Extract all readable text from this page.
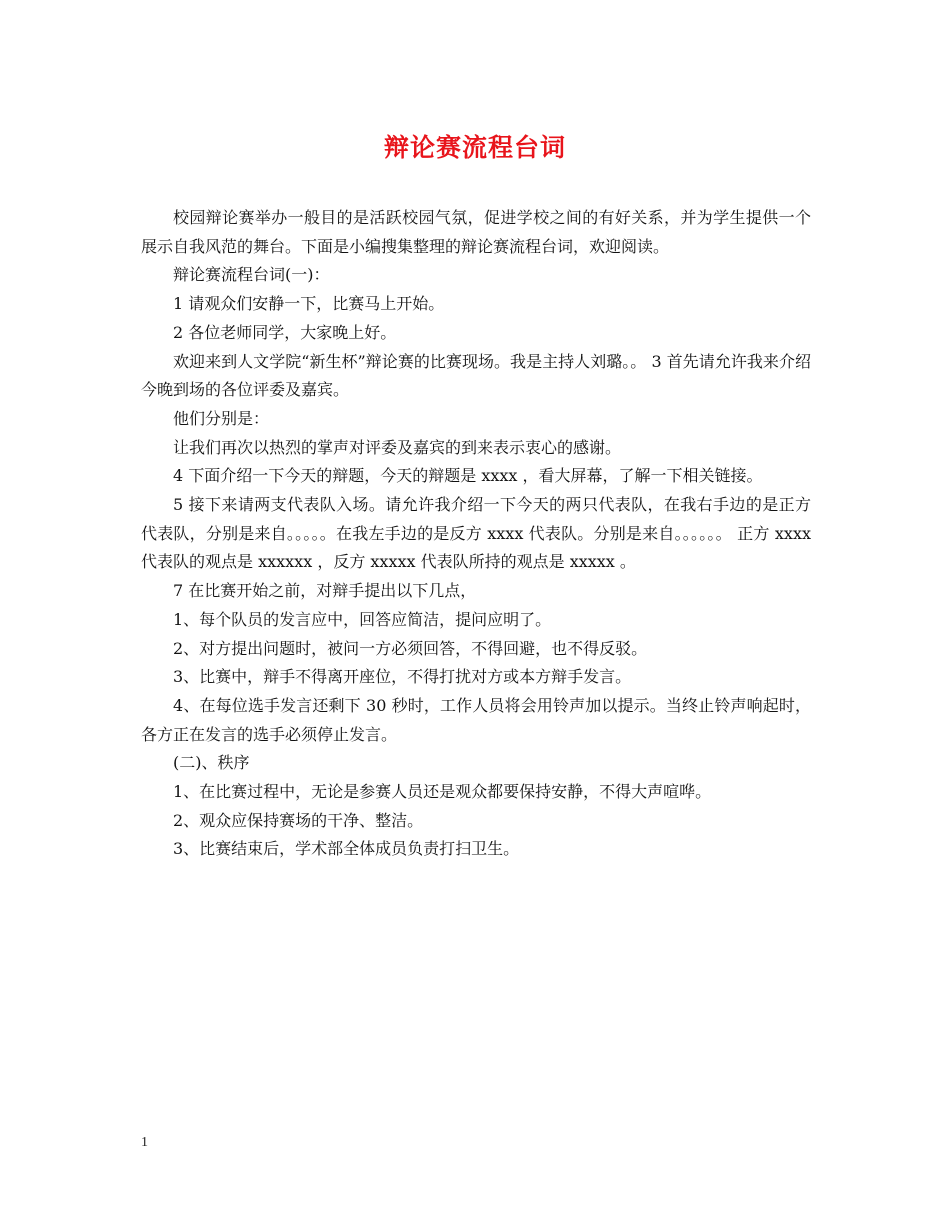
辩论赛流程台词

校园辩论赛举办一般目的是活跃校园气氛，促进学校之间的有好关系，并为学生提供一个展示自我风范的舞台。下面是小编搜集整理的辩论赛流程台词，欢迎阅读。

辩论赛流程台词(一)：

1 请观众们安静一下，比赛马上开始。

2 各位老师同学，大家晚上好。

欢迎来到人文学院“新生杯”辩论赛的比赛现场。我是主持人刘璐。。 3 首先请允许我来介绍今晚到场的各位评委及嘉宾。

他们分别是：

让我们再次以热烈的掌声对评委及嘉宾的到来表示衷心的感谢。

4 下面介绍一下今天的辩题，今天的辩题是 xxxx ，看大屏幕，了解一下相关链接。

5 接下来请两支代表队入场。请允许我介绍一下今天的两只代表队，在我右手边的是正方代表队，分别是来自。。。。。在我左手边的是反方 xxxx 代表队。分别是来自。。。。。。 正方 xxxx 代表队的观点是 xxxxxx ，反方 xxxxx 代表队所持的观点是 xxxxx 。

7 在比赛开始之前，对辩手提出以下几点，

1、每个队员的发言应中，回答应简洁，提问应明了。

2、对方提出问题时，被问一方必须回答，不得回避，也不得反驳。

3、比赛中，辩手不得离开座位，不得打扰对方或本方辩手发言。

4、在每位选手发言还剩下 30 秒时，工作人员将会用铃声加以提示。当终止铃声响起时，各方正在发言的选手必须停止发言。

(二)、秩序

1、在比赛过程中，无论是参赛人员还是观众都要保持安静，不得大声喧哗。

2、观众应保持赛场的干净、整洁。

3、比赛结束后，学术部全体成员负责打扫卫生。

1
